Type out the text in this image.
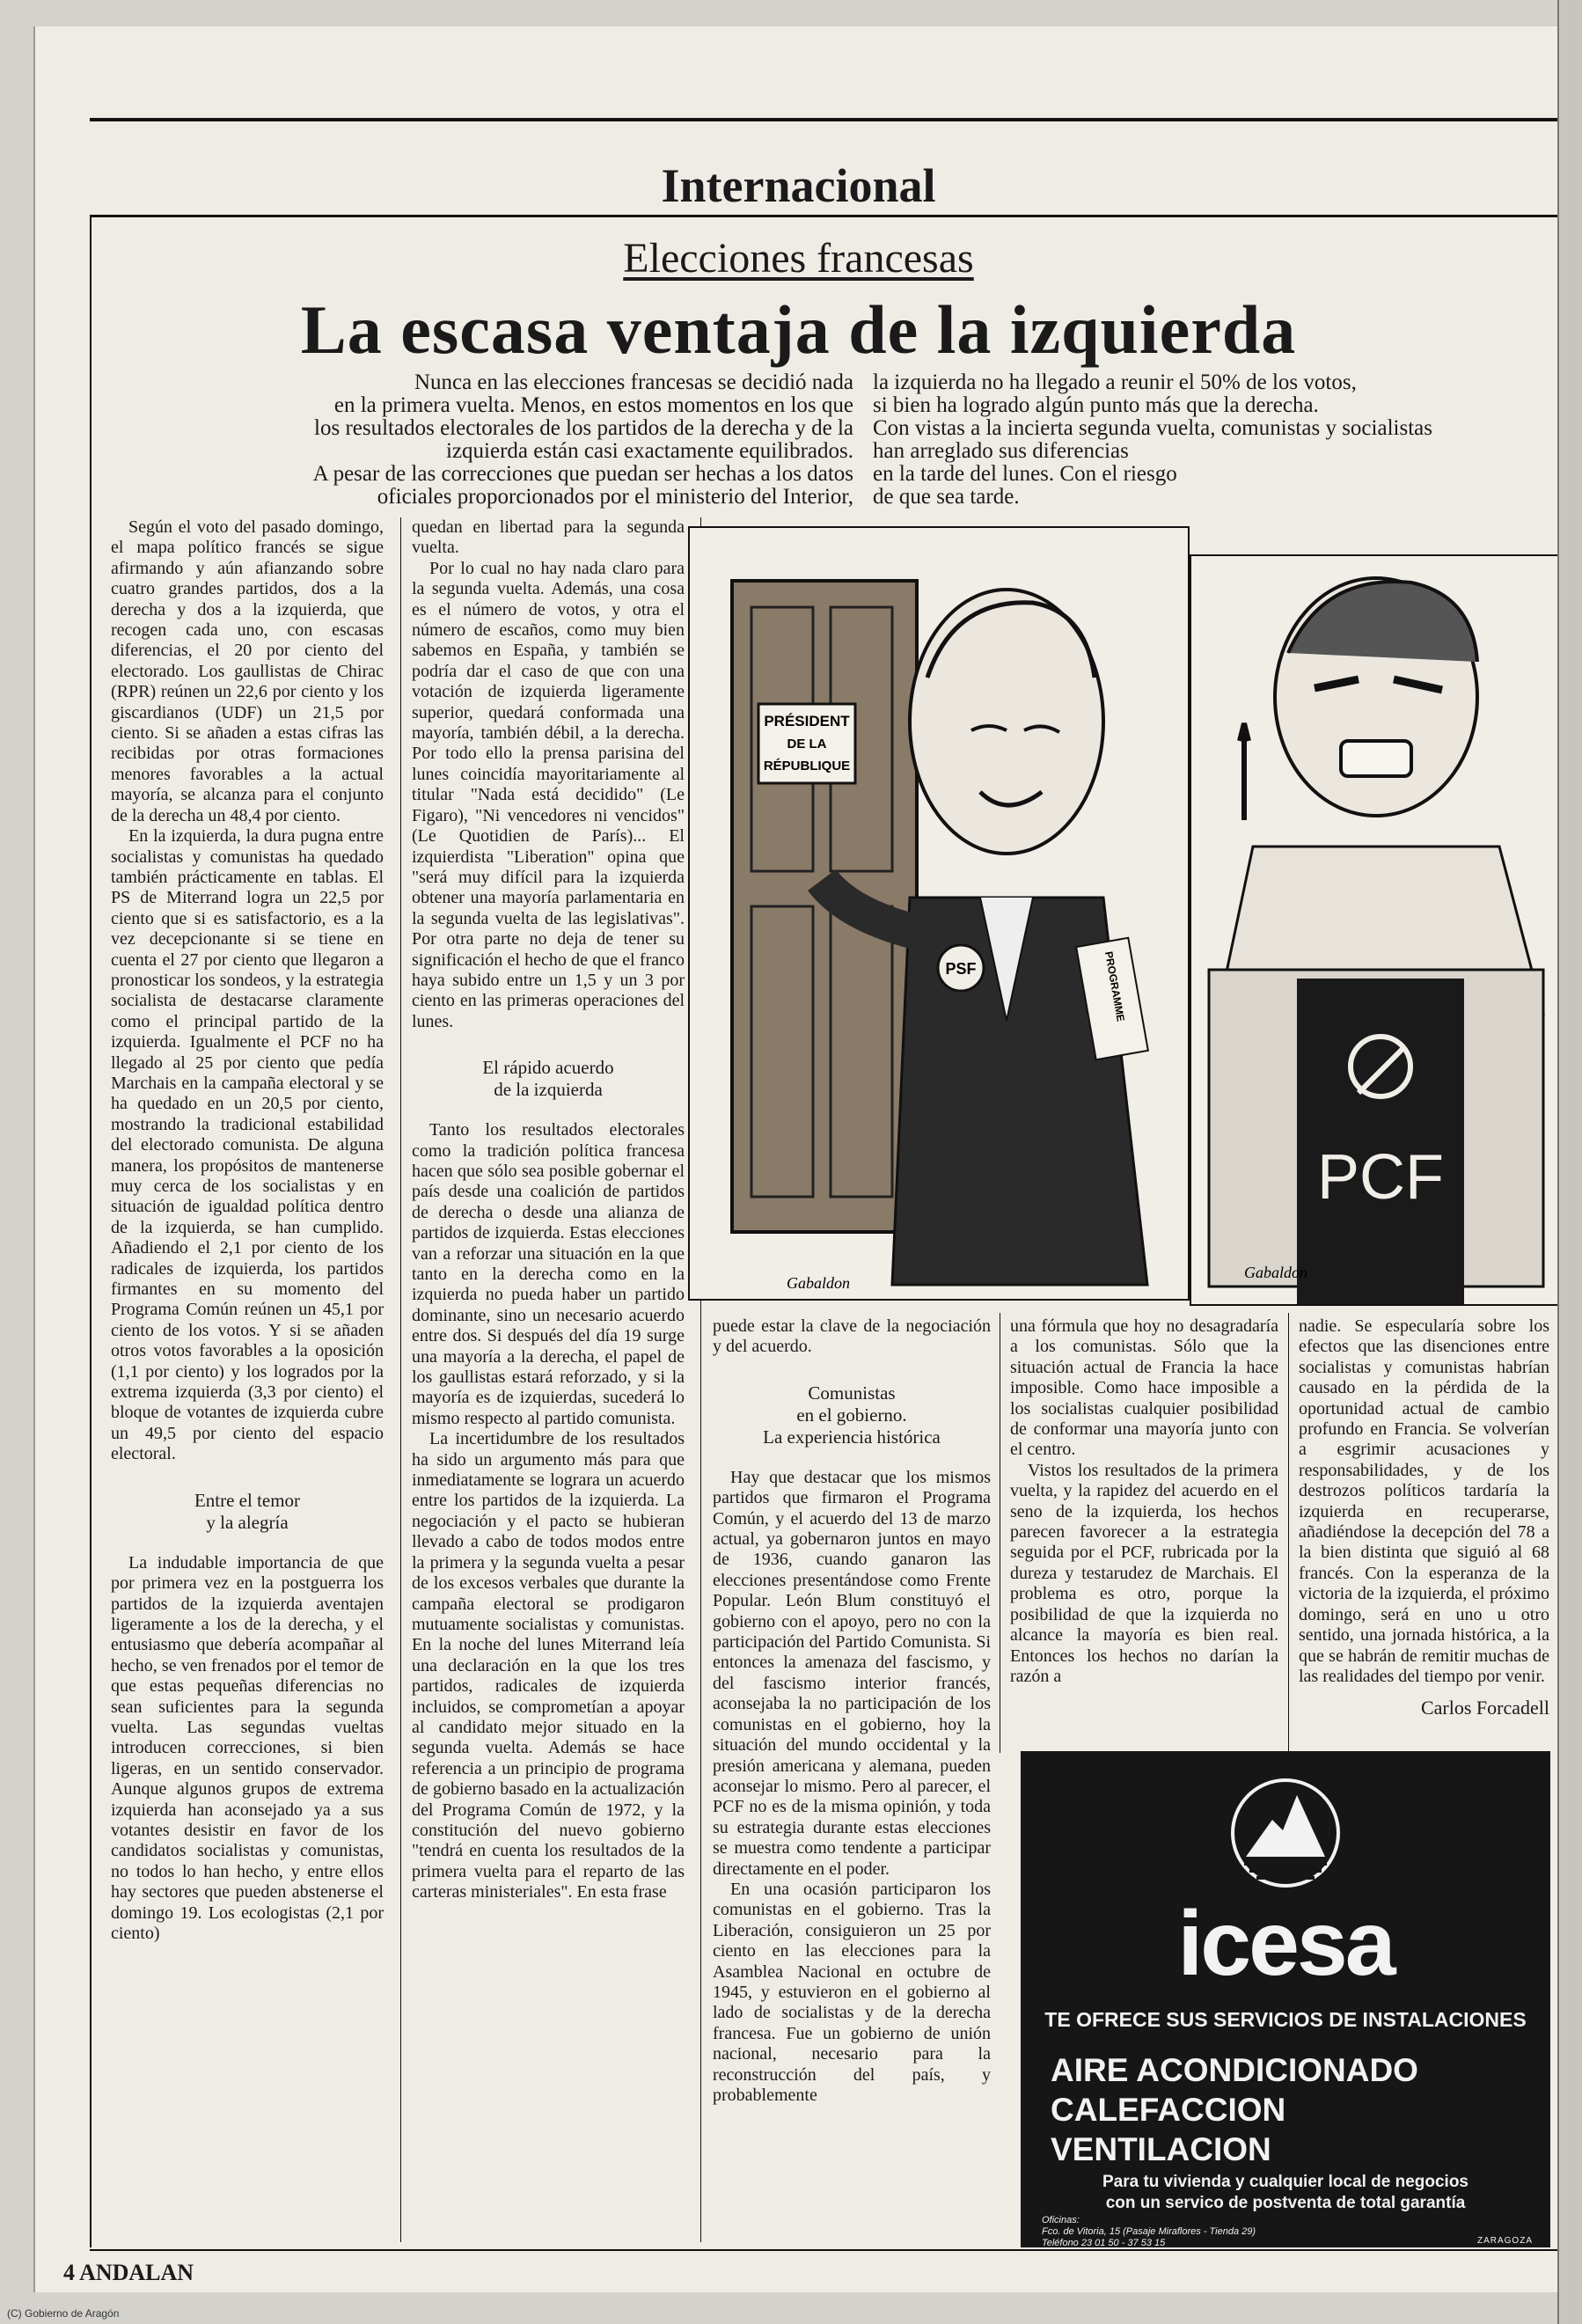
Internacional
Elecciones francesas
La escasa ventaja de la izquierda
Nunca en las elecciones francesas se decidió nada
en la primera vuelta. Menos, en estos momentos en los que
los resultados electorales de los partidos de la derecha y de la
izquierda están casi exactamente equilibrados.
A pesar de las correcciones que puedan ser hechas a los datos
oficiales proporcionados por el ministerio del Interior,
la izquierda no ha llegado a reunir el 50% de los votos,
si bien ha logrado algún punto más que la derecha.
Con vistas a la incierta segunda vuelta, comunistas y socialistas
han arreglado sus diferencias
en la tarde del lunes. Con el riesgo
de que sea tarde.

Según el voto del pasado domingo, el mapa político francés se sigue afirmando y aún afianzando sobre cuatro grandes partidos, dos a la derecha y dos a la izquierda, que recogen cada uno, con escasas diferencias, el 20 por ciento del electorado. Los gaullistas de Chirac (RPR) reúnen un 22,6 por ciento y los giscardianos (UDF) un 21,5 por ciento. Si se añaden a estas cifras las recibidas por otras formaciones menores favorables a la actual mayoría, se alcanza para el conjunto de la derecha un 48,4 por ciento.

En la izquierda, la dura pugna entre socialistas y comunistas ha quedado también prácticamente en tablas. El PS de Miterrand logra un 22,5 por ciento que si es satisfactorio, es a la vez decepcionante si se tiene en cuenta el 27 por ciento que llegaron a pronosticar los sondeos, y la estrategia socialista de destacarse claramente como el principal partido de la izquierda. Igualmente el PCF no ha llegado al 25 por ciento que pedía Marchais en la campaña electoral y se ha quedado en un 20,5 por ciento, mostrando la tradicional estabilidad del electorado comunista. De alguna manera, los propósitos de mantenerse muy cerca de los socialistas y en situación de igualdad política dentro de la izquierda, se han cumplido. Añadiendo el 2,1 por ciento de los radicales de izquierda, los partidos firmantes en su momento del Programa Común reúnen un 45,1 por ciento de los votos. Y si se añaden otros votos favorables a la oposición (1,1 por ciento) y los logrados por la extrema izquierda (3,3 por ciento) el bloque de votantes de izquierda cubre un 49,5 por ciento del espacio electoral.

Entre el temor
y la alegría

La indudable importancia de que por primera vez en la postguerra los partidos de la izquierda aventajen ligeramente a los de la derecha, y el entusiasmo que debería acompañar al hecho, se ven frenados por el temor de que estas pequeñas diferencias no sean suficientes para la segunda vuelta. Las segundas vueltas introducen correcciones, si bien ligeras, en un sentido conservador. Aunque algunos grupos de extrema izquierda han aconsejado ya a sus votantes desistir en favor de los candidatos socialistas y comunistas, no todos lo han hecho, y entre ellos hay sectores que pueden abstenerse el domingo 19. Los ecologistas (2,1 por ciento)

quedan en libertad para la segunda vuelta.

Por lo cual no hay nada claro para la segunda vuelta. Además, una cosa es el número de votos, y otra el número de escaños, como muy bien sabemos en España, y también se podría dar el caso de que con una votación de izquierda ligeramente superior, quedará conformada una mayoría, también débil, a la derecha. Por todo ello la prensa parisina del lunes coincidía mayoritariamente al titular "Nada está decidido" (Le Figaro), "Ni vencedores ni vencidos" (Le Quotidien de París)... El izquierdista "Liberation" opina que "será muy difícil para la izquierda obtener una mayoría parlamentaria en la segunda vuelta de las legislativas". Por otra parte no deja de tener su significación el hecho de que el franco haya subido entre un 1,5 y un 3 por ciento en las primeras operaciones del lunes.

El rápido acuerdo
de la izquierda

Tanto los resultados electorales como la tradición política francesa hacen que sólo sea posible gobernar el país desde una coalición de partidos de derecha o desde una alianza de partidos de izquierda. Estas elecciones van a reforzar una situación en la que tanto en la derecha como en la izquierda no pueda haber un partido dominante, sino un necesario acuerdo entre dos. Si después del día 19 surge una mayoría a la derecha, el papel de los gaullistas estará reforzado, y si la mayoría es de izquierdas, sucederá lo mismo respecto al partido comunista.

La incertidumbre de los resultados ha sido un argumento más para que inmediatamente se lograra un acuerdo entre los partidos de la izquierda. La negociación y el pacto se hubieran llevado a cabo de todos modos entre la primera y la segunda vuelta a pesar de los excesos verbales que durante la campaña electoral se prodigaron mutuamente socialistas y comunistas. En la noche del lunes Miterrand leía una declaración en la que los tres partidos, radicales de izquierda incluidos, se comprometían a apoyar al candidato mejor situado en la segunda vuelta. Además se hace referencia a un principio de programa de gobierno basado en la actualización del Programa Común de 1972, y la constitución del nuevo gobierno "tendrá en cuenta los resultados de la primera vuelta para el reparto de las carteras ministeriales". En esta frase

PRÉSIDENT
DE LA
RÉPUBLIQUE
PSF	PROGRAMME
Gabaldon
PCF
Gabaldon

puede estar la clave de la negociación y del acuerdo.

Comunistas
en el gobierno.
La experiencia histórica

Hay que destacar que los mismos partidos que firmaron el Programa Común, y el acuerdo del 13 de marzo actual, ya gobernaron juntos en mayo de 1936, cuando ganaron las elecciones presentándose como Frente Popular. León Blum constituyó el gobierno con el apoyo, pero no con la participación del Partido Comunista. Si entonces la amenaza del fascismo, y del fascismo interior francés, aconsejaba la no participación de los comunistas en el gobierno, hoy la situación del mundo occidental y la presión americana y alemana, pueden aconsejar lo mismo. Pero al parecer, el PCF no es de la misma opinión, y toda su estrategia durante estas elecciones se muestra como tendente a participar directamente en el poder.

En una ocasión participaron los comunistas en el gobierno. Tras la Liberación, consiguieron un 25 por ciento en las elecciones para la Asamblea Nacional en octubre de 1945, y estuvieron en el gobierno al lado de socialistas y de la derecha francesa. Fue un gobierno de unión nacional, necesario para la reconstrucción del país, y probablemente

una fórmula que hoy no desagradaría a los comunistas. Sólo que la situación actual de Francia la hace imposible. Como hace imposible a los socialistas cualquier posibilidad de conformar una mayoría junto con el centro.

Vistos los resultados de la primera vuelta, y la rapidez del acuerdo en el seno de la izquierda, los hechos parecen favorecer a la estrategia seguida por el PCF, rubricada por la dureza y testarudez de Marchais. El problema es otro, porque la posibilidad de que la izquierda no alcance la mayoría es bien real. Entonces los hechos no darían la razón a

nadie. Se especularía sobre los efectos que las disenciones entre socialistas y comunistas habrían causado en la pérdida de la oportunidad actual de cambio profundo en Francia. Se volverían a esgrimir acusaciones y responsabilidades, y de los destrozos políticos tardaría la izquierda en recuperarse, añadiéndose la decepción del 78 a la bien distinta que siguió al 68 francés. Con la esperanza de la victoria de la izquierda, el próximo domingo, será en uno u otro sentido, una jornada histórica, a la que se habrán de remitir muchas de las realidades del tiempo por venir.

Carlos Forcadell
icesa
TE OFRECE SUS SERVICIOS DE INSTALACIONES
AIRE ACONDICIONADO
CALEFACCION
VENTILACION
Para tu vivienda y cualquier local de negocios
con un servico de postventa de total garantía
Oficinas:
Fco. de Vitoria, 15 (Pasaje Miraflores - Tienda 29)
Teléfono 23 01 50 - 37 53 15	ZARAGOZA
4 ANDALAN
(C) Gobierno de Aragón
